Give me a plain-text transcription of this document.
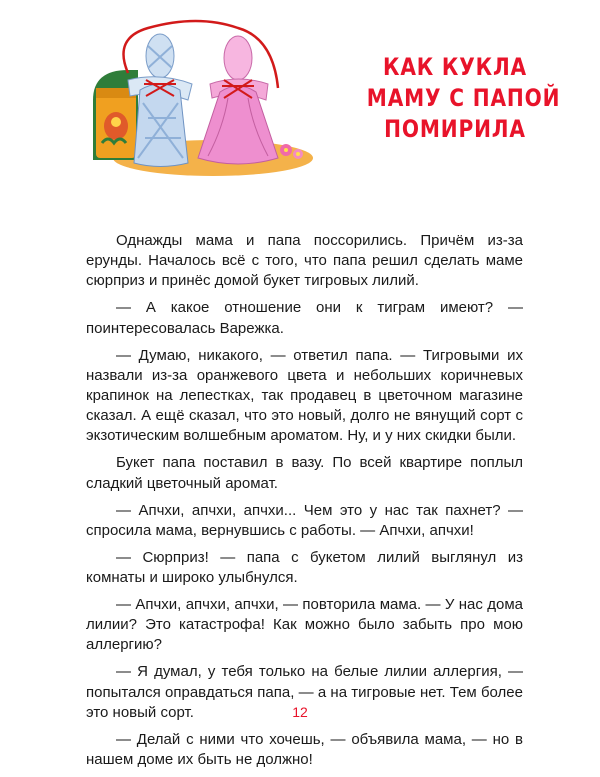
КАК КУКЛА
МАМУ С ПАПОЙ
ПОМИРИЛА

Однажды мама и папа поссорились. Причём из-за ерунды. Началось всё с того, что папа решил сделать маме сюрприз и принёс домой букет тигровых лилий.

— А какое отношение они к тиграм имеют? — поинтересовалась Варежка.

— Думаю, никакого, — ответил папа. — Тигровыми их назвали из-за оранжевого цвета и небольших коричневых крапинок на лепестках, так продавец в цветочном магазине сказал. А ещё сказал, что это новый, долго не вянущий сорт с экзотическим волшебным ароматом. Ну, и у них скидки были.

Букет папа поставил в вазу. По всей квартире поплыл сладкий цветочный аромат.

— Апчхи, апчхи, апчхи... Чем это у нас так пахнет? — спросила мама, вернувшись с работы. — Апчхи, апчхи!

— Сюрприз! — папа с букетом лилий выглянул из комнаты и широко улыбнулся.

— Апчхи, апчхи, апчхи, — повторила мама. — У нас дома лилии? Это катастрофа! Как можно было забыть про мою аллергию?

— Я думал, у тебя только на белые лилии аллергия, — попытался оправдаться папа, — а на тигровые нет. Тем более это новый сорт.

— Делай с ними что хочешь, — объявила мама, — но в нашем доме их быть не должно!

12
